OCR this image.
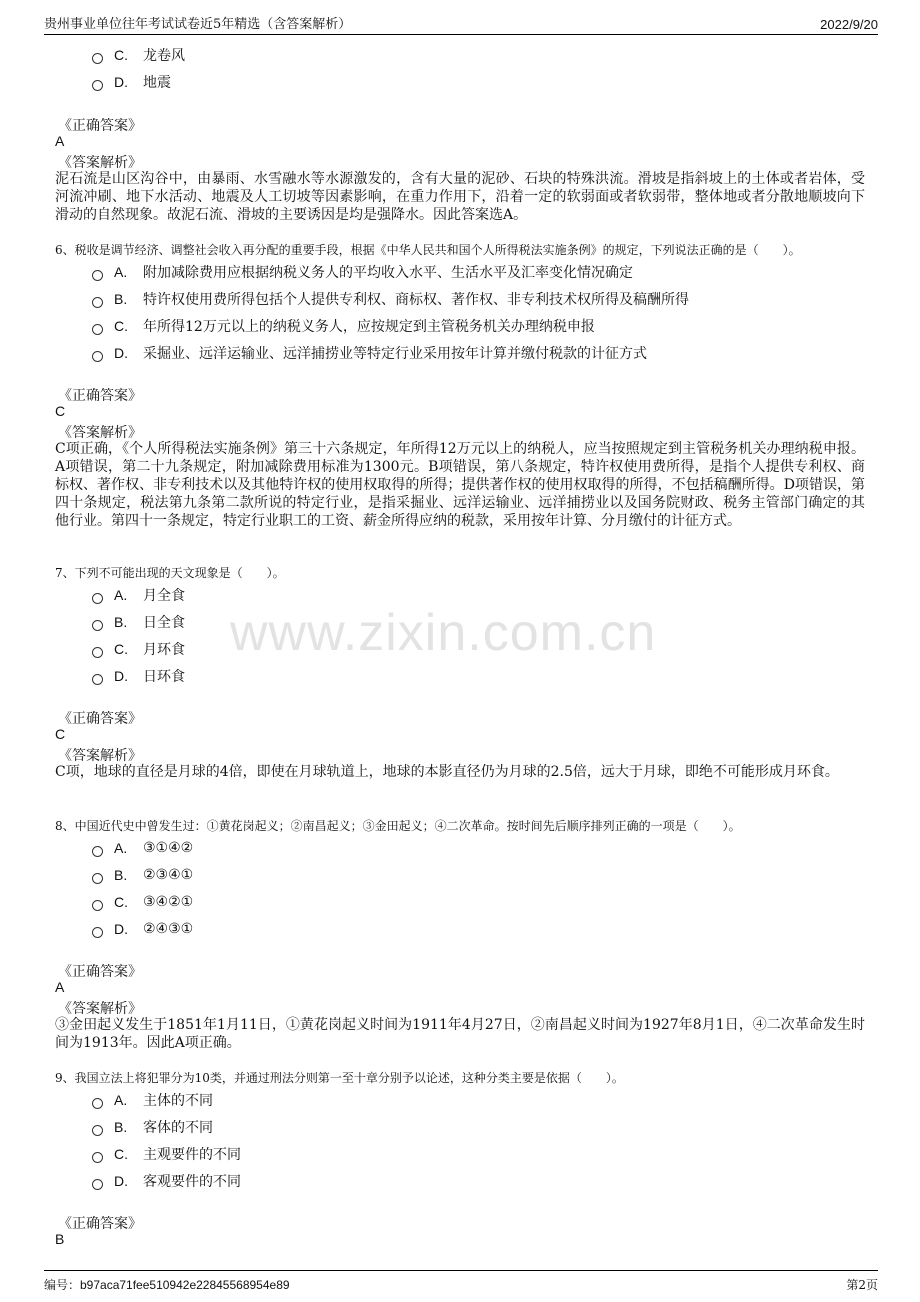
贵州事业单位往年考试试卷近5年精选（含答案解析）	2022/9/20
www.zixin.com.cn
C.	龙卷风
D.	地震
《正确答案》
A
《答案解析》
泥石流是山区沟谷中，由暴雨、水雪融水等水源激发的，含有大量的泥砂、石块的特殊洪流。滑坡是指斜坡上的土体或者岩体，受河流冲刷、地下水活动、地震及人工切坡等因素影响，在重力作用下，沿着一定的软弱面或者软弱带，整体地或者分散地顺坡向下滑动的自然现象。故泥石流、滑坡的主要诱因是均是强降水。因此答案选A。
6、税收是调节经济、调整社会收入再分配的重要手段，根据《中华人民共和国个人所得税法实施条例》的规定，下列说法正确的是（　　）。
A.	附加减除费用应根据纳税义务人的平均收入水平、生活水平及汇率变化情况确定
B.	特许权使用费所得包括个人提供专利权、商标权、著作权、非专利技术权所得及稿酬所得
C.	年所得12万元以上的纳税义务人，应按规定到主管税务机关办理纳税申报
D.	采掘业、远洋运输业、远洋捕捞业等特定行业采用按年计算并缴付税款的计征方式
《正确答案》
C
《答案解析》
C项正确，《个人所得税法实施条例》第三十六条规定，年所得12万元以上的纳税人，应当按照规定到主管税务机关办理纳税申报。A项错误，第二十九条规定，附加减除费用标准为1300元。B项错误，第八条规定，特许权使用费所得，是指个人提供专利权、商标权、著作权、非专利技术以及其他特许权的使用权取得的所得；提供著作权的使用权取得的所得，不包括稿酬所得。D项错误，第四十条规定，税法第九条第二款所说的特定行业，是指采掘业、远洋运输业、远洋捕捞业以及国务院财政、税务主管部门确定的其他行业。第四十一条规定，特定行业职工的工资、薪金所得应纳的税款，采用按年计算、分月缴付的计征方式。
7、下列不可能出现的天文现象是（　　）。
A.	月全食
B.	日全食
C.	月环食
D.	日环食
《正确答案》
C
《答案解析》
C项，地球的直径是月球的4倍，即使在月球轨道上，地球的本影直径仍为月球的2.5倍，远大于月球，即绝不可能形成月环食。
8、中国近代史中曾发生过：①黄花岗起义；②南昌起义；③金田起义；④二次革命。按时间先后顺序排列正确的一项是（　　）。
A.	③①④②
B.	②③④①
C.	③④②①
D.	②④③①
《正确答案》
A
《答案解析》
③金田起义发生于1851年1月11日，①黄花岗起义时间为1911年4月27日，②南昌起义时间为1927年8月1日，④二次革命发生时间为1913年。因此A项正确。
9、我国立法上将犯罪分为10类，并通过刑法分则第一至十章分别予以论述，这种分类主要是依据（　　）。
A.	主体的不同
B.	客体的不同
C.	主观要件的不同
D.	客观要件的不同
《正确答案》
B
编号：b97aca71fee510942e22845568954e89	第2页
